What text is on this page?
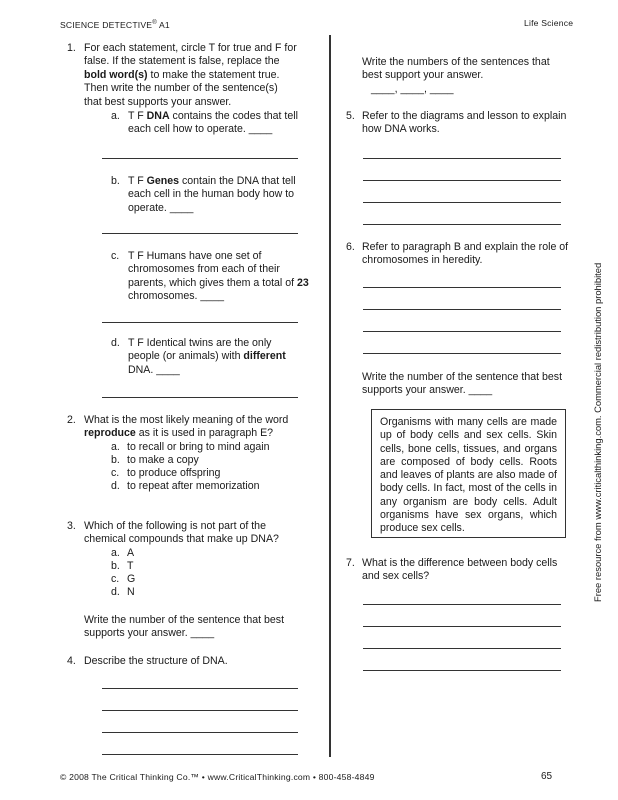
SCIENCE DETECTIVE® A1	Life Science
Free resource from www.criticalthinking.com. Commercial redistribution prohibited
1. For each statement, circle T for true and F for
false. If the statement is false, replace the
bold word(s) to make the statement true.
Then write the number of the sentence(s)
that best supports your answer.
a. T F DNA contains the codes that tell
each cell how to operate. ____
b. T F Genes contain the DNA that tell
each cell in the human body how to
operate. ____
c. T F Humans have one set of
chromosomes from each of their
parents, which gives them a total of 23
chromosomes. ____
d. T F Identical twins are the only
people (or animals) with different
DNA. ____
2. What is the most likely meaning of the word
reproduce as it is used in paragraph E?
a. to recall or bring to mind again
b. to make a copy
c. to produce offspring
d. to repeat after memorization
3. Which of the following is not part of the
chemical compounds that make up DNA?
a. A
b. T
c. G
d. N
Write the number of the sentence that best
supports your answer. ____
4. Describe the structure of DNA.
Write the numbers of the sentences that
best support your answer.
____, ____, ____
5. Refer to the diagrams and lesson to explain
how DNA works.
6. Refer to paragraph B and explain the role of
chromosomes in heredity.
Write the number of the sentence that best
supports your answer. ____
Organisms with many cells are made up of body cells and sex cells. Skin cells, bone cells, tissues, and organs are composed of body cells. Roots and leaves of plants are also made of body cells. In fact, most of the cells in any organism are body cells. Adult organisms have sex organs, which produce sex cells.
7. What is the difference between body cells
and sex cells?
© 2008 The Critical Thinking Co.™ • www.CriticalThinking.com • 800-458-4849	65
